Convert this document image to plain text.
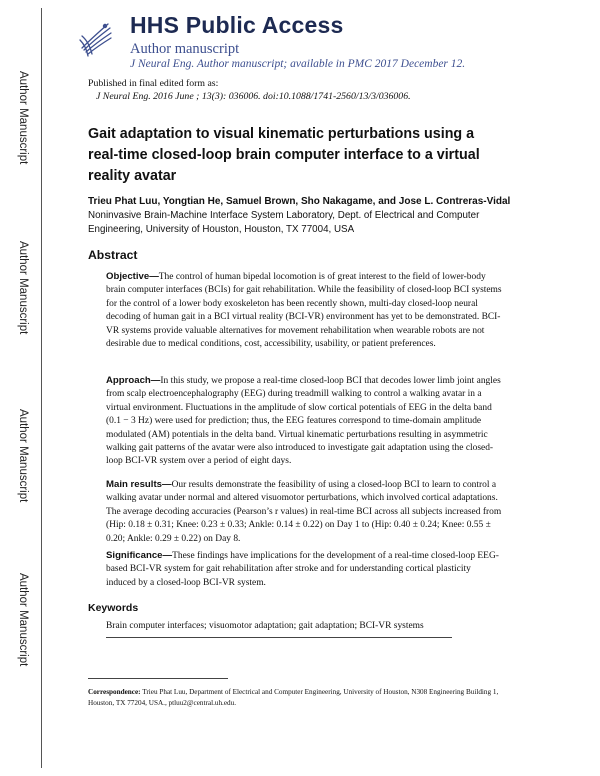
Author Manuscript
Author Manuscript
Author Manuscript
Author Manuscript
HHS Public Access
Author manuscript
J Neural Eng. Author manuscript; available in PMC 2017 December 12.
Published in final edited form as:
J Neural Eng. 2016 June ; 13(3): 036006. doi:10.1088/1741-2560/13/3/036006.
Gait adaptation to visual kinematic perturbations using a real-time closed-loop brain computer interface to a virtual reality avatar
Trieu Phat Luu, Yongtian He, Samuel Brown, Sho Nakagame, and Jose L. Contreras-Vidal
Noninvasive Brain-Machine Interface System Laboratory, Dept. of Electrical and Computer Engineering, University of Houston, Houston, TX 77004, USA
Abstract
Objective—The control of human bipedal locomotion is of great interest to the field of lower-body brain computer interfaces (BCIs) for gait rehabilitation. While the feasibility of closed-loop BCI systems for the control of a lower body exoskeleton has been recently shown, multi-day closed-loop neural decoding of human gait in a BCI virtual reality (BCI-VR) environment has yet to be demonstrated. BCI-VR systems provide valuable alternatives for movement rehabilitation when wearable robots are not desirable due to medical conditions, cost, accessibility, usability, or patient preferences.
Approach—In this study, we propose a real-time closed-loop BCI that decodes lower limb joint angles from scalp electroencephalography (EEG) during treadmill walking to control a walking avatar in a virtual environment. Fluctuations in the amplitude of slow cortical potentials of EEG in the delta band (0.1 − 3 Hz) were used for prediction; thus, the EEG features correspond to time-domain amplitude modulated (AM) potentials in the delta band. Virtual kinematic perturbations resulting in asymmetric walking gait patterns of the avatar were also introduced to investigate gait adaptation using the closed-loop BCI-VR system over a period of eight days.
Main results—Our results demonstrate the feasibility of using a closed-loop BCI to learn to control a walking avatar under normal and altered visuomotor perturbations, which involved cortical adaptations. The average decoding accuracies (Pearson’s r values) in real-time BCI across all subjects increased from (Hip: 0.18 ± 0.31; Knee: 0.23 ± 0.33; Ankle: 0.14 ± 0.22) on Day 1 to (Hip: 0.40 ± 0.24; Knee: 0.55 ± 0.20; Ankle: 0.29 ± 0.22) on Day 8.
Significance—These findings have implications for the development of a real-time closed-loop EEG-based BCI-VR system for gait rehabilitation after stroke and for understanding cortical plasticity induced by a closed-loop BCI-VR system.
Keywords
Brain computer interfaces; visuomotor adaptation; gait adaptation; BCI-VR systems
Correspondence: Trieu Phat Luu, Department of Electrical and Computer Engineering, University of Houston, N308 Engineering Building 1, Houston, TX 77204, USA., ptluu2@central.uh.edu.
